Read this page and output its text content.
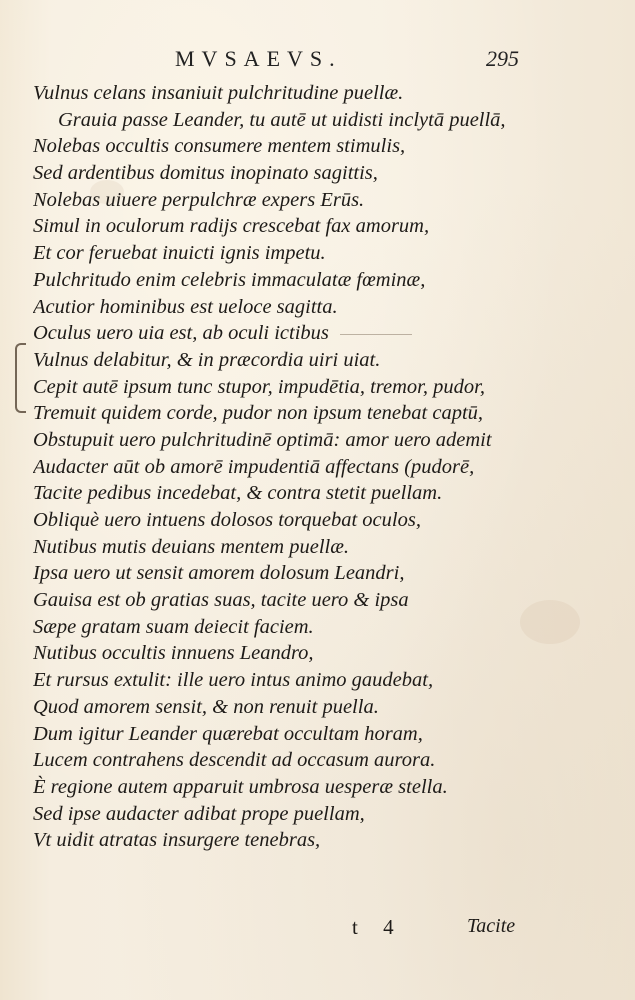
MVSAEVS.	295
Vulnus celans insaniuit pulchritudine puellæ.
Grauia passe Leander, tu autē ut uidisti inclytā puellā,
Nolebas occultis consumere mentem stimulis,
Sed ardentibus domitus inopinato sagittis,
Nolebas uiuere perpulchræ expers Erūs.
Simul in oculorum radijs crescebat fax amorum,
Et cor feruebat inuicti ignis impetu.
Pulchritudo enim celebris immaculatæ fœminæ,
Acutior hominibus est ueloce sagitta.
Oculus uero uia est, ab oculi ictibus
Vulnus delabitur, & in præcordia uiri uiat.
Cepit autē ipsum tunc stupor, impudētia, tremor, pudor,
Tremuit quidem corde, pudor non ipsum tenebat captū,
Obstupuit uero pulchritudinē optimā: amor uero ademit
Audacter aūt ob amorē impudentiā affectans (pudorē,
Tacite pedibus incedebat, & contra stetit puellam.
Obliquè uero intuens dolosos torquebat oculos,
Nutibus mutis deuians mentem puellæ.
Ipsa uero ut sensit amorem dolosum Leandri,
Gauisa est ob gratias suas, tacite uero & ipsa
Sæpe gratam suam deiecit faciem.
Nutibus occultis innuens Leandro,
Et rursus extulit: ille uero intus animo gaudebat,
Quod amorem sensit, & non renuit puella.
Dum igitur Leander quærebat occultam horam,
Lucem contrahens descendit ad occasum aurora.
È regione autem apparuit umbrosa uesperæ stella.
Sed ipse audacter adibat prope puellam,
Vt uidit atratas insurgere tenebras,
t 4	Tacite
